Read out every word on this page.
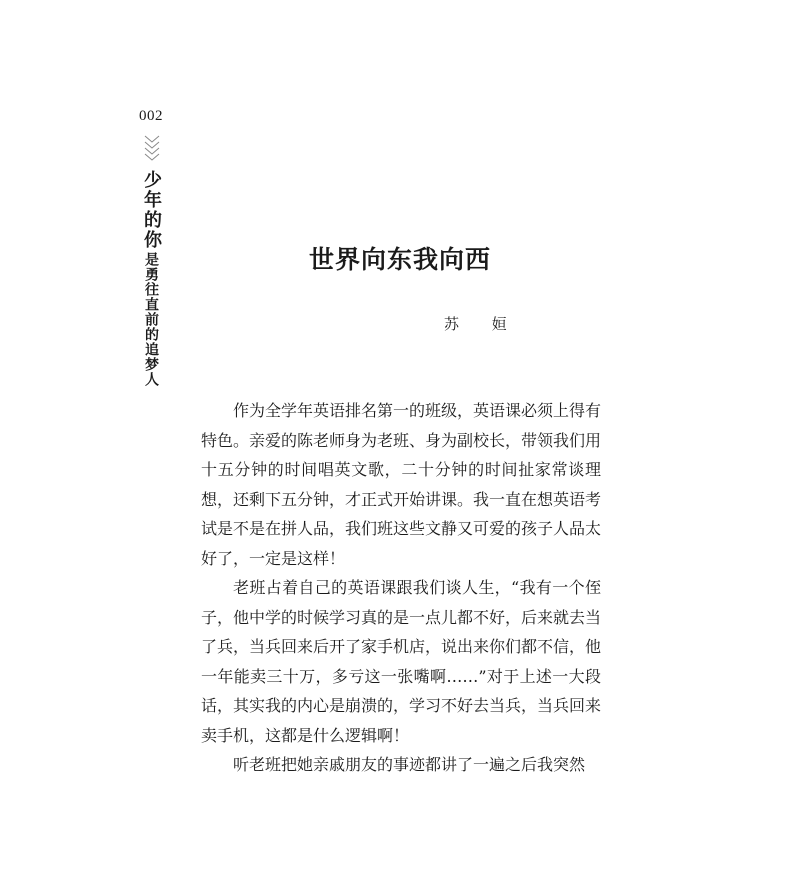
002
少年的你
是勇往直前的追梦人	世界向东我向西
苏 姮

作为全学年英语排名第一的班级，英语课必须上得有特色。亲爱的陈老师身为老班、身为副校长，带领我们用十五分钟的时间唱英文歌，二十分钟的时间扯家常谈理想，还剩下五分钟，才正式开始讲课。我一直在想英语考试是不是在拼人品，我们班这些文静又可爱的孩子人品太好了，一定是这样！

老班占着自己的英语课跟我们谈人生，“我有一个侄子，他中学的时候学习真的是一点儿都不好，后来就去当了兵，当兵回来后开了家手机店，说出来你们都不信，他一年能卖三十万，多亏这一张嘴啊……”对于上述一大段话，其实我的内心是崩溃的，学习不好去当兵，当兵回来卖手机，这都是什么逻辑啊！

听老班把她亲戚朋友的事迹都讲了一遍之后我突然
